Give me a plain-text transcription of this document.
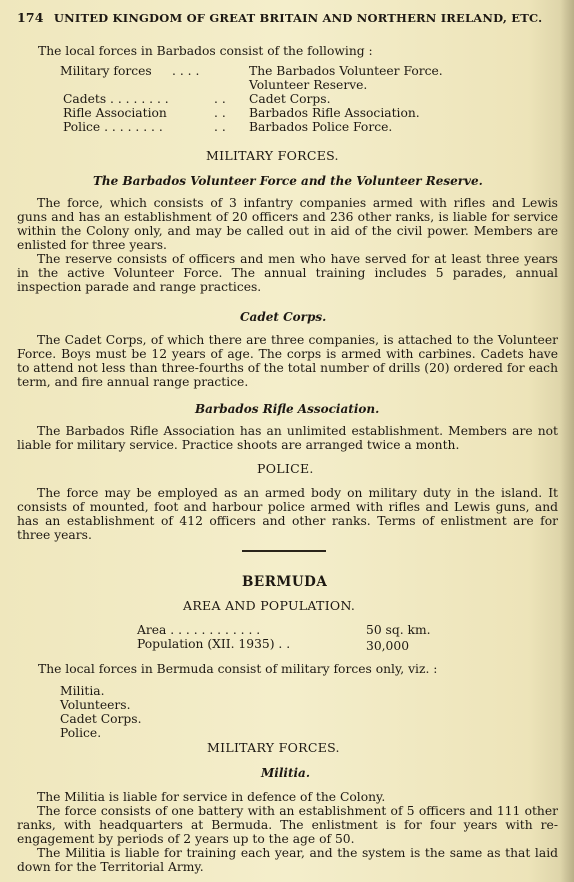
174 UNITED KINGDOM OF GREAT BRITAIN AND NORTHERN IRELAND, ETC.
The local forces in Barbados consist of the following :
Military forces . . . .	The Barbados Volunteer Force.
Volunteer Reserve.
Cadets . . . . . . . .	. . Cadet Corps.
Rifle Association	. . Barbados Rifle Association.
Police . . . . . . . .	. . Barbados Police Force.
MILITARY FORCES.
The Barbados Volunteer Force and the Volunteer Reserve.

The force, which consists of 3 infantry companies armed with rifles and Lewis guns and has an establishment of 20 officers and 236 other ranks, is liable for service within the Colony only, and may be called out in aid of the civil power. Members are enlisted for three years.

The reserve consists of officers and men who have served for at least three years in the active Volunteer Force. The annual training includes 5 parades, annual inspection parade and range practices.

Cadet Corps.

The Cadet Corps, of which there are three companies, is attached to the Volunteer Force. Boys must be 12 years of age. The corps is armed with carbines. Cadets have to attend not less than three-fourths of the total number of drills (20) ordered for each term, and fire annual range practice.

Barbados Rifle Association.

The Barbados Rifle Association has an unlimited establishment. Members are not liable for military service. Practice shoots are arranged twice a month.

POLICE.

The force may be employed as an armed body on military duty in the island. It consists of mounted, foot and harbour police armed with rifles and Lewis guns, and has an establishment of 412 officers and other ranks. Terms of enlistment are for three years.

BERMUDA
AREA AND POPULATION.
Area . . . . . . . . . . . .	50 sq. km.
Population (XII. 1935) . .	30,000
The local forces in Bermuda consist of military forces only, viz. :
Militia.
Volunteers.
Cadet Corps.
Police.
MILITARY FORCES.
Militia.

The Militia is liable for service in defence of the Colony.

The force consists of one battery with an establishment of 5 officers and 111 other ranks, with headquarters at Bermuda. The enlistment is for four years with re-engagement by periods of 2 years up to the age of 50.

The Militia is liable for training each year, and the system is the same as that laid down for the Territorial Army.
